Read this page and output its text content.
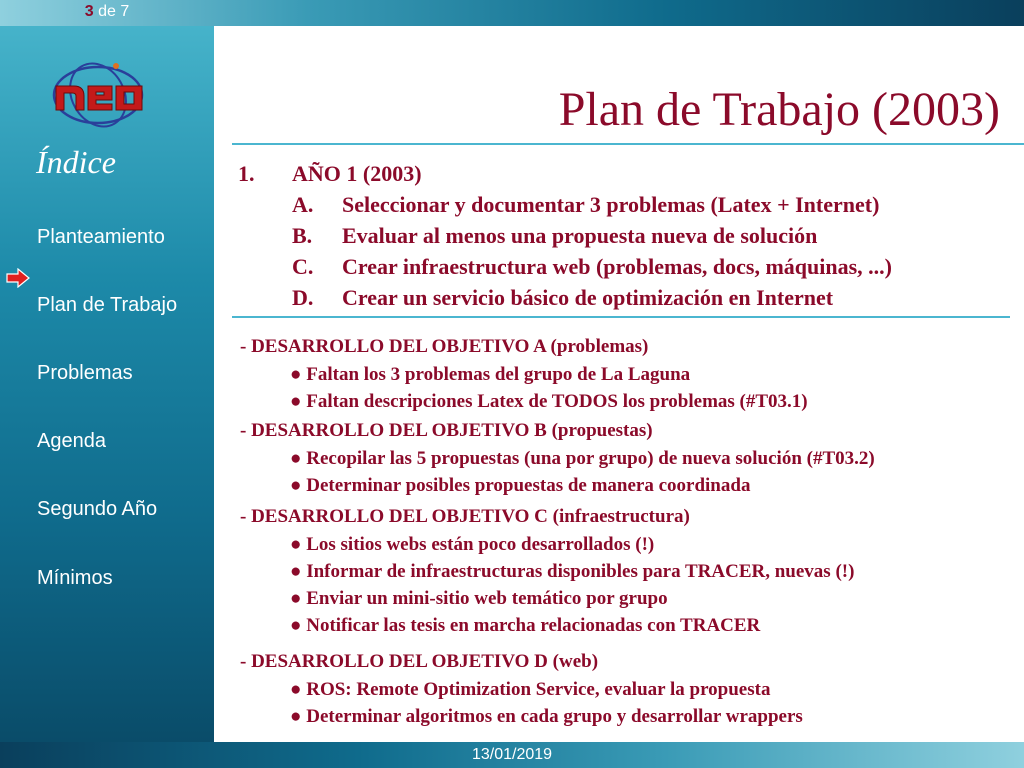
3 de 7
Índice
Planteamiento
Plan de Trabajo
Problemas
Agenda
Segundo Año
Mínimos
Plan de Trabajo (2003)
1. AÑO 1 (2003)
A. Seleccionar y documentar 3 problemas (Latex + Internet)
B. Evaluar al menos una propuesta nueva de solución
C. Crear infraestructura web (problemas, docs, máquinas, ...)
D. Crear un servicio básico de optimización en Internet
- DESARROLLO DEL OBJETIVO A (problemas)
● Faltan los 3 problemas del grupo de La Laguna
● Faltan descripciones Latex de TODOS los problemas (#T03.1)
- DESARROLLO DEL OBJETIVO B (propuestas)
● Recopilar las 5 propuestas (una por grupo) de nueva solución (#T03.2)
● Determinar posibles propuestas de manera coordinada
- DESARROLLO DEL OBJETIVO C (infraestructura)
● Los sitios webs están poco desarrollados (!)
● Informar de infraestructuras disponibles para TRACER, nuevas (!)
● Enviar un mini-sitio web temático por grupo
● Notificar las tesis en marcha relacionadas con TRACER
- DESARROLLO DEL OBJETIVO D (web)
● ROS: Remote Optimization Service, evaluar la propuesta
● Determinar algoritmos en cada grupo y desarrollar wrappers
13/01/2019
